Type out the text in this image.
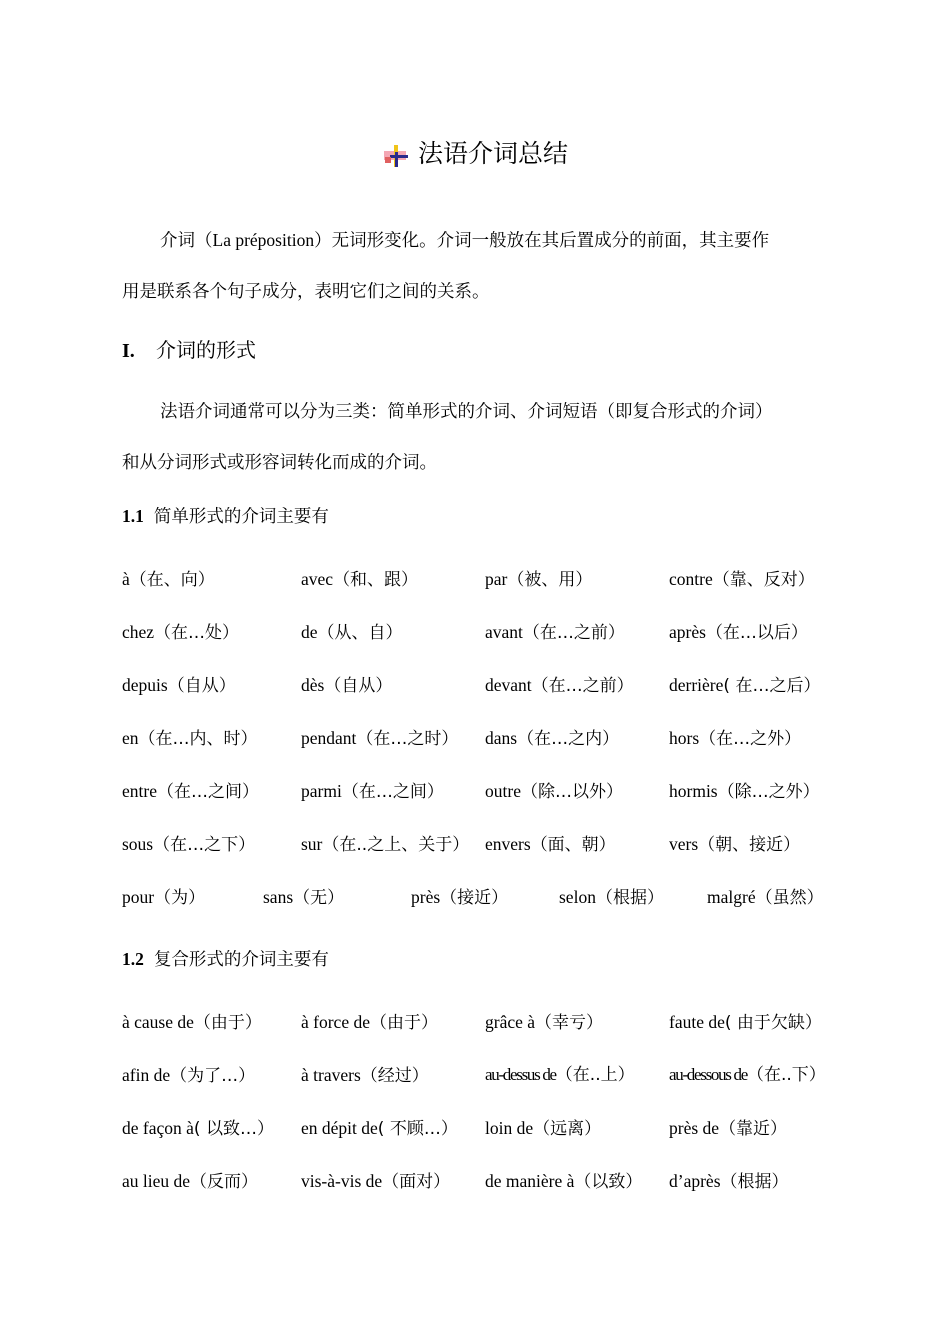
法语介词总结
介词（La préposition）无词形变化。介词一般放在其后置成分的前面，其主要作
用是联系各个句子成分，表明它们之间的关系。
I. 介词的形式
法语介词通常可以分为三类：简单形式的介词、介词短语（即复合形式的介词）
和从分词形式或形容词转化而成的介词。
1.1 简单形式的介词主要有
à（在、向）	avec（和、跟）	par（被、用）	contre（靠、反对）
chez（在…处）	de（从、自）	avant（在…之前）	après（在…以后）
depuis（自从）	dès（自从）	devant（在…之前） derrière( 在…之后）
en（在…内、时） pendant（在…之时） dans（在…之内）	hors（在…之外）
entre（在…之间） parmi（在…之间） outre（除…以外）	hormis（除…之外）
sous（在…之下）	sur（在..之上、关于） envers（面、朝）	vers（朝、接近）
pour（为）	sans（无）	près（接近）	selon（根据） malgré（虽然）
1.2 复合形式的介词主要有
à cause de（由于） à force de（由于）	grâce à（幸亏）	faute de( 由于欠缺）
afin de（为了…）	à travers（经过）	au-dessus de（在..上） au-dessous de（在..下）
de façon à( 以致…） en dépit de( 不顾…） loin de（远离）	près de（靠近）
au lieu de（反而） vis-à-vis de（面对） de manière à（以致） d’après（根据）
